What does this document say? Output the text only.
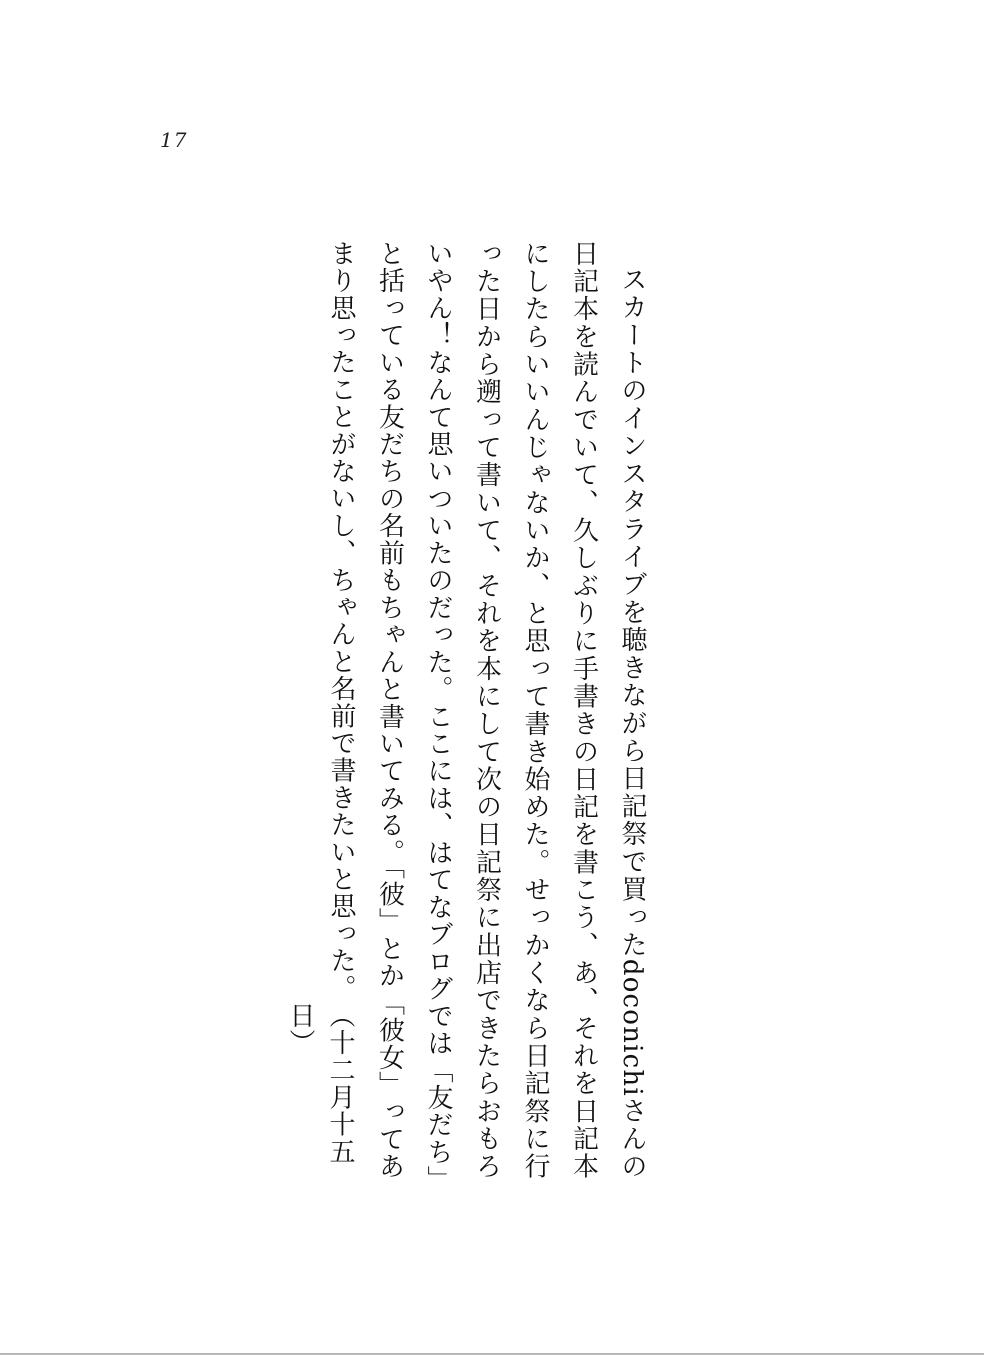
17

スカートのインスタライブを聴きながら日記祭で買ったdoconichiさんの日記本を読んでいて、久しぶりに手書きの日記を書こう、あ、それを日記本にしたらいいんじゃないか、と思って書き始めた。せっかくなら日記祭に行った日から遡って書いて、それを本にして次の日記祭に出店できたらおもろいやん！なんて思いついたのだった。ここには、はてなブログでは「友だち」と括っている友だちの名前もちゃんと書いてみる。「彼」とか「彼女」ってあまり思ったことがないし、ちゃんと名前で書きたいと思った。

（十二月十五日）
